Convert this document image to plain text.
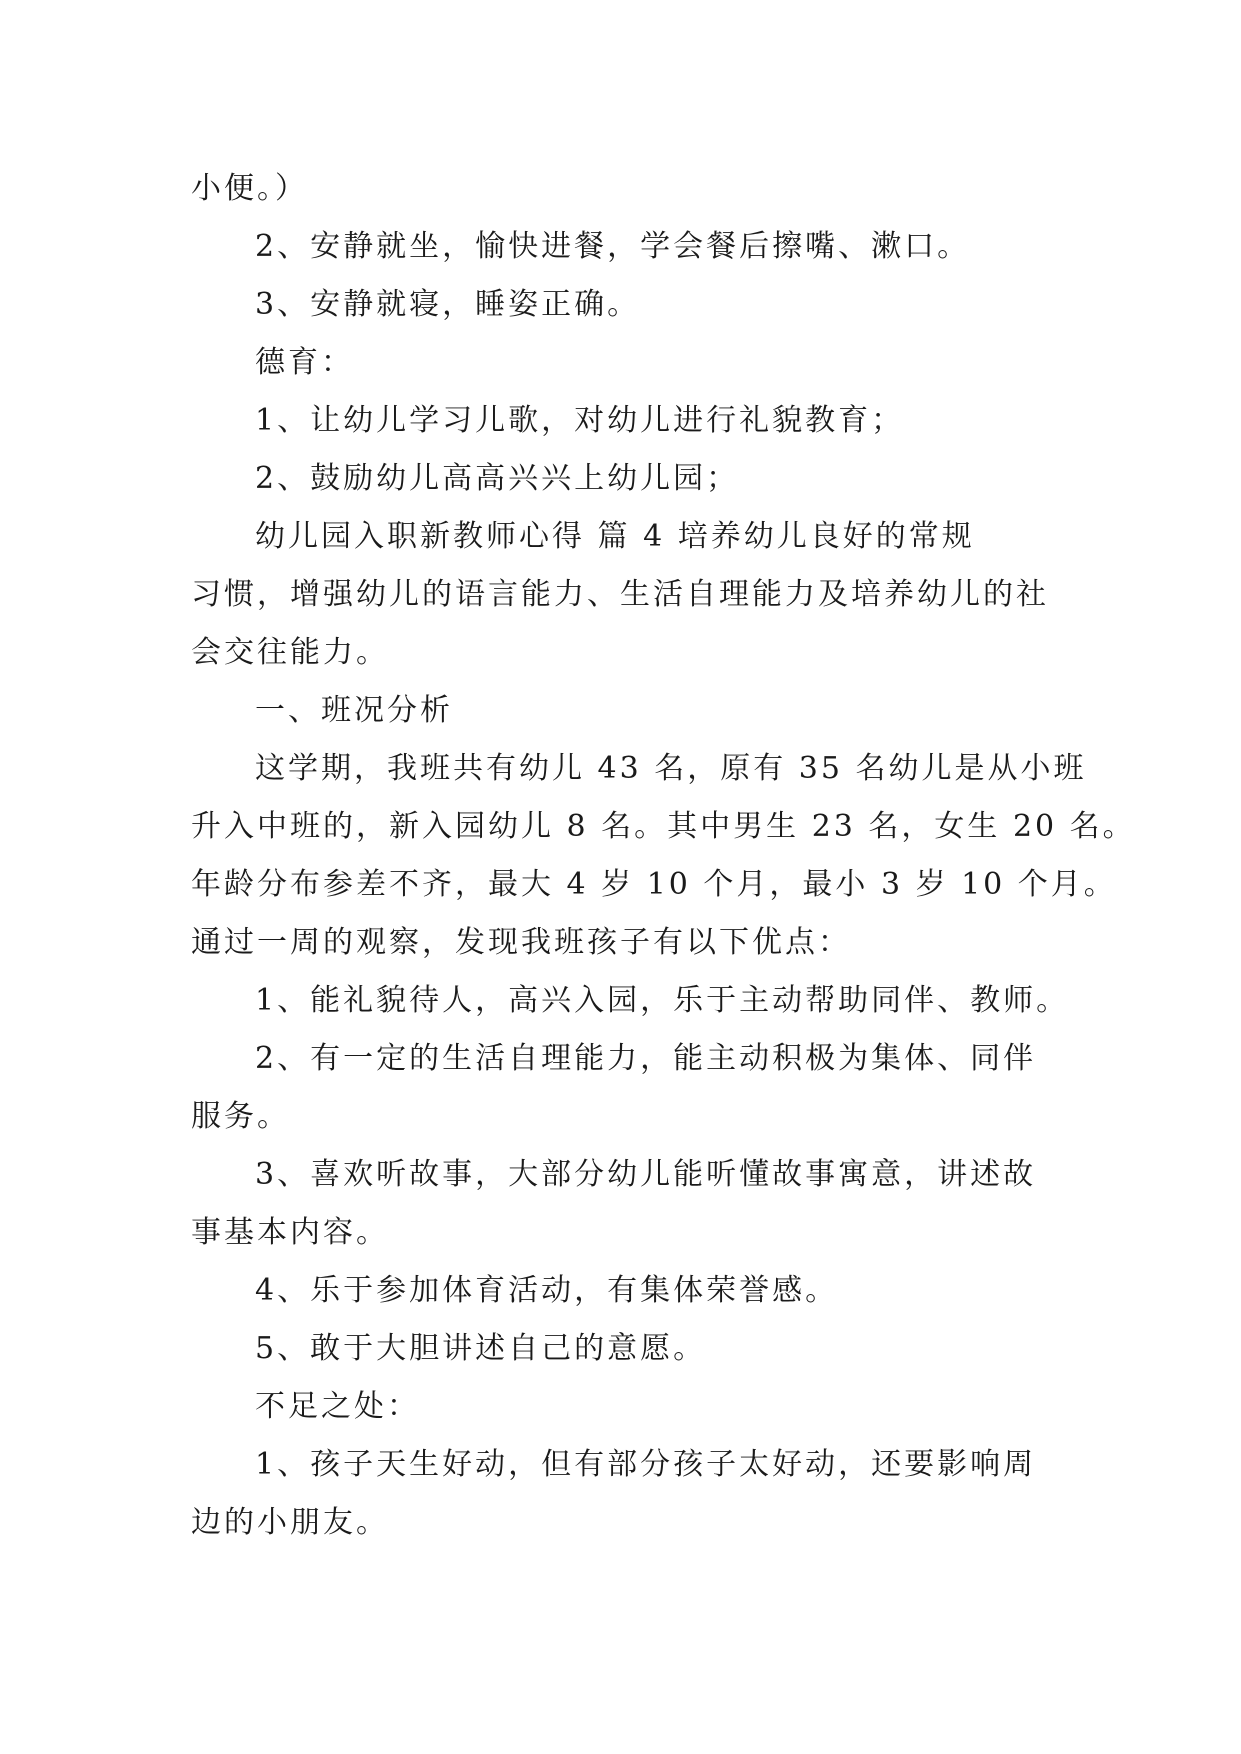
小便。）

2、安静就坐，愉快进餐，学会餐后擦嘴、漱口。

3、安静就寝，睡姿正确。

德育：

1、让幼儿学习儿歌，对幼儿进行礼貌教育；

2、鼓励幼儿高高兴兴上幼儿园；

幼儿园入职新教师心得 篇 4 培养幼儿良好的常规

习惯，增强幼儿的语言能力、生活自理能力及培养幼儿的社

会交往能力。

一、班况分析

这学期，我班共有幼儿 43 名，原有 35 名幼儿是从小班

升入中班的，新入园幼儿 8 名。其中男生 23 名，女生 20 名。

年龄分布参差不齐，最大 4 岁 10 个月，最小 3 岁 10 个月。

通过一周的观察，发现我班孩子有以下优点：

1、能礼貌待人，高兴入园，乐于主动帮助同伴、教师。

2、有一定的生活自理能力，能主动积极为集体、同伴

服务。

3、喜欢听故事，大部分幼儿能听懂故事寓意，讲述故

事基本内容。

4、乐于参加体育活动，有集体荣誉感。

5、敢于大胆讲述自己的意愿。

不足之处：

1、孩子天生好动，但有部分孩子太好动，还要影响周

边的小朋友。
